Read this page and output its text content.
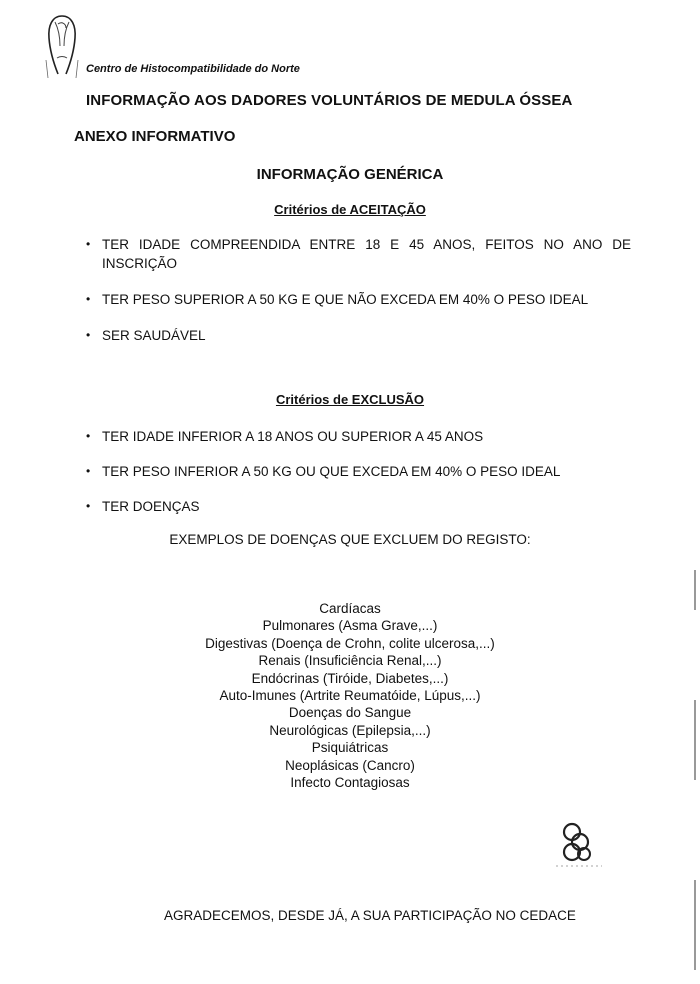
Centro de Histocompatibilidade do Norte
INFORMAÇÃO AOS DADORES VOLUNTÁRIOS DE MEDULA ÓSSEA
ANEXO INFORMATIVO
INFORMAÇÃO GENÉRICA
Critérios de ACEITAÇÃO
• TER IDADE COMPREENDIDA ENTRE 18 E 45 ANOS, FEITOS NO ANO DE INSCRIÇÃO
• TER PESO SUPERIOR A 50 KG E QUE NÃO EXCEDA EM 40% O PESO IDEAL
• SER SAUDÁVEL
Critérios de EXCLUSÃO
• TER IDADE INFERIOR A 18 ANOS OU SUPERIOR A 45 ANOS
• TER PESO INFERIOR A 50 KG OU QUE EXCEDA EM 40% O PESO IDEAL
• TER DOENÇAS
EXEMPLOS DE DOENÇAS QUE EXCLUEM DO REGISTO:
Cardíacas
Pulmonares (Asma Grave,...)
Digestivas (Doença de Crohn, colite ulcerosa,...)
Renais (Insuficiência Renal,...)
Endócrinas (Tiróide, Diabetes,...)
Auto-Imunes (Artrite Reumatóide, Lúpus,...)
Doenças do Sangue
Neurológicas (Epilepsia,...)
Psiquiátricas
Neoplásicas (Cancro)
Infecto Contagiosas
AGRADECEMOS, DESDE JÁ, A SUA PARTICIPAÇÃO NO CEDACE
